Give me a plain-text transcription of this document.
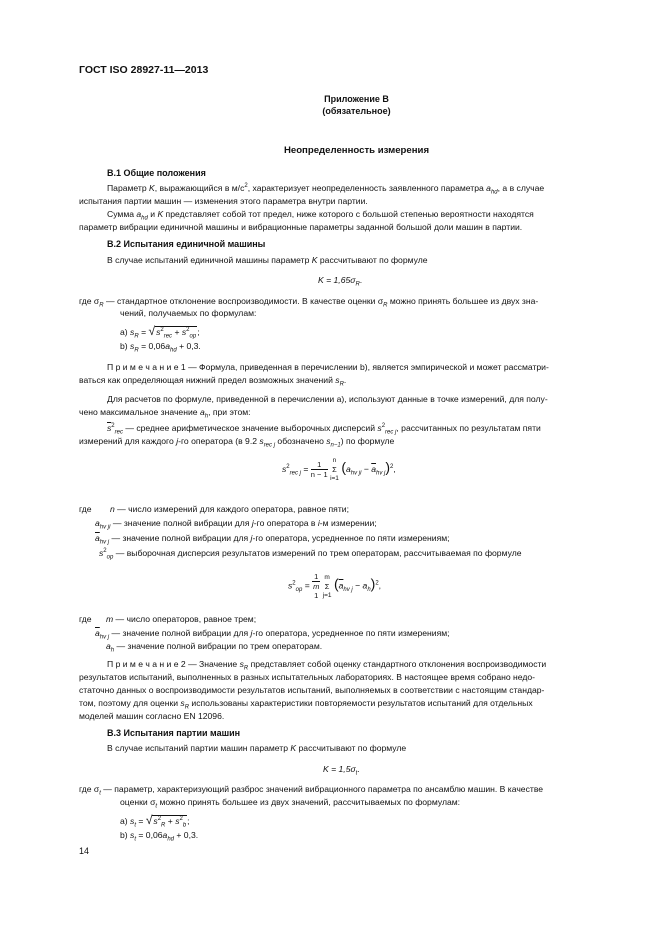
ГОСТ ISO 28927-11—2013
Приложение В
(обязательное)
Неопределенность измерения
В.1 Общие положения
Параметр K, выражающийся в $м/с^2$, характеризует неопределенность заявленного параметра $a_{hd}$, а в случае
испытания партии машин — изменения этого параметра внутри партии.
Сумма $a_{hd}$ и K представляет собой тот предел, ниже которого с большой степенью вероятности находятся
параметр вибрации единичной машины и вибрационные параметры заданной большой доли машин в партии.
В.2 Испытания единичной машины
В случае испытаний единичной машины параметр K рассчитывают по формуле
$K = 1,65\sigma_R$.
где $\sigma_R$ — стандартное отклонение воспроизводимости. В качестве оценки $\sigma_R$ можно принять большее из двух зна-
чений, получаемых по формулам:
а) $s_R = √s^2_{rec} + s^2_{op}$;
b) $s_R = 0,06a_{hd} + 0,3$.
П р и м е ч а н и е 1 — Формула, приведенная в перечислении b), является эмпирической и может рассматри-
ваться как определяющая нижний предел возможных значений $s_R$.
Для расчетов по формуле, приведенной в перечислении а), используют данные в точке измерений, для полу-
чено максимальное значение $a_h$, при этом:
$\overline{s}^2_{rec}$ — среднее арифметическое значение выборочных дисперсий $s^2_{rec j}$, рассчитанных по результатам пяти
измерений для каждого j-го оператора (в 9.2 $s_{rec j}$ обозначено $s_{n-1}$) по формуле
$s^2_{rec j} = \frac{1}{n - 1}$
n
Σ
i=1
$(a_{hv ji} - \overline{a}_{hv j})^2$,
где n — число измерений для каждого оператора, равное пяти;
$a_{hv ji}$ — значение полной вибрации для j-го оператора в i-м измерении;
$\overline{a}_{hv j}$ — значение полной вибрации для j-го оператора, усредненное по пяти измерениям;
$s^2_{op}$ — выборочная дисперсия результатов измерений по трем операторам, рассчитываемая по формуле
$s^2_{op} = 1$
m
1
m
Σ
j=1
$(\overline{a}_{hv j} - a_h)^2$,
где m — число операторов, равное трем;
$\overline{a}_{hv j}$ — значение полной вибрации для j-го оператора, усредненное по пяти измерениям;
$a_h$ — значение полной вибрации по трем операторам.
П р и м е ч а н и е 2 — Значение $s_R$ представляет собой оценку стандартного отклонения воспроизводимости
результатов испытаний, выполненных в разных испытательных лабораториях. В настоящее время собрано недо-
статочно данных о воспроизводимости результатов испытаний, выполняемых в соответствии с настоящим стандар-
том, поэтому для оценки $s_R$ использованы характеристики повторяемости результатов испытаний для отдельных
моделей машин согласно EN 12096.
В.3 Испытания партии машин
В случае испытаний партии машин параметр K рассчитывают по формуле
$K = 1,5\sigma_t$.
где $\sigma_t$ — параметр, характеризующий разброс значений вибрационного параметра по ансамблю машин. В качестве
оценки $\sigma_t$ можно принять большее из двух значений, рассчитываемых по формулам:
а) $s_t = √s^2_R + s^2_b$;
b) $s_t = 0,06a_{hd} + 0,3$.
14
